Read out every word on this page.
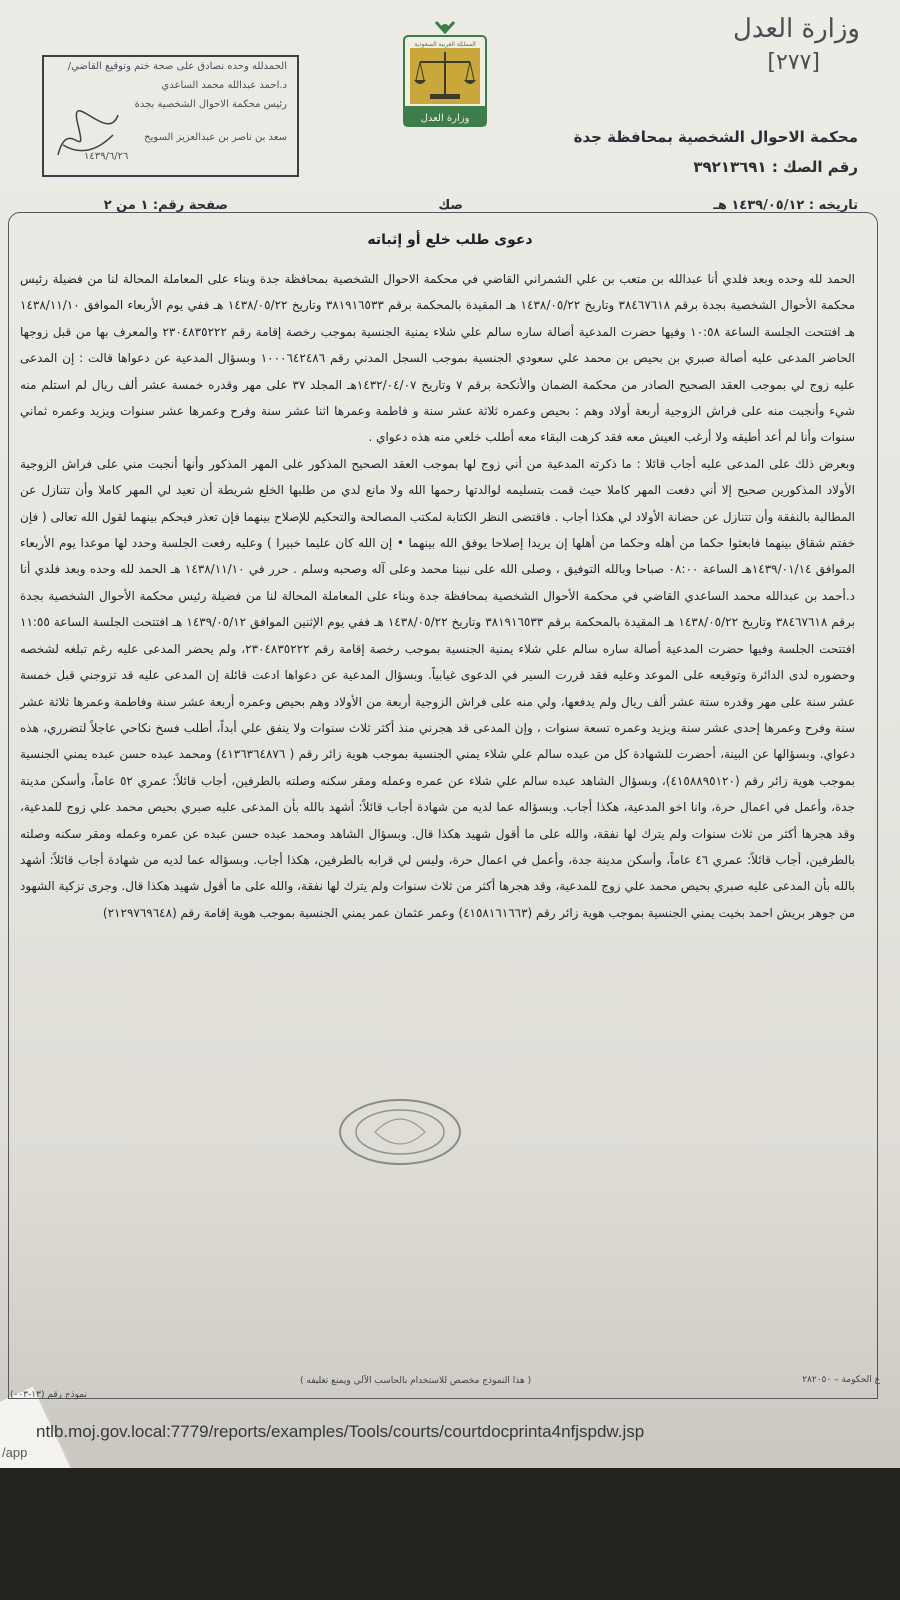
وزارة العدل
[٢٧٧]
المملكة العربية السعودية
وزارة العدل
الحمدلله وحده نصادق على صحة ختم وتوقيع القاضي/
د.احمد عبدالله محمد الساعدي
رئيس محكمة الاحوال الشخصية بجدة
سعد بن ناصر بن عبدالعزيز السويح
١٤٣٩/٦/٢٦
محكمة الاحوال الشخصية بمحافظة جدة
رقم الصك : ٣٩٢١٣٦٩١
تاريخه : ١٤٣٩/٠٥/١٢ هـ
صك
صفحة رقم: ١ من ٢
دعوى طلب خلع أو إثباته

الحمد لله وحده وبعد فلدي أنا عبدالله بن متعب بن علي الشمراني القاضي في محكمة الاحوال الشخصية بمحافظة جدة وبناء على المعاملة المحالة لنا من فضيلة رئيس محكمة الأحوال الشخصية بجدة برقم ٣٨٤٦٧٦١٨ وتاريخ ١٤٣٨/٠٥/٢٢ هـ المقيدة بالمحكمة برقم ٣٨١٩١٦٥٣٣ وتاريخ ١٤٣٨/٠٥/٢٢ هـ ففي يوم الأربعاء الموافق ١٤٣٨/١١/١٠ هـ افتتحت الجلسة الساعة ١٠:٥٨ وفيها حضرت المدعية أصالة ساره سالم علي شلاء يمنية الجنسية بموجب رخصة إقامة رقم ٢٣٠٤٨٣٥٢٢٢ والمعرف بها من قبل زوجها الحاضر المدعى عليه أصالة صبري بن بحيص بن محمد علي سعودي الجنسية بموجب السجل المدني رقم ١٠٠٠٦٤٢٤٨٦ وبسؤال المدعية عن دعواها قالت : إن المدعى عليه زوج لي بموجب العقد الصحيح الصادر من محكمة الضمان والأنكحة برقم ٧ وتاريخ ١٤٣٢/٠٤/٠٧هـ المجلد ٣٧ على مهر وقدره خمسة عشر ألف ريال لم استلم منه شيء وأنجبت منه على فراش الزوجية أربعة أولاد وهم : بحيص وعمره ثلاثة عشر سنة و فاطمة وعمرها اثنا عشر سنة وفرح وعمرها عشر سنوات ويزيد وعمره ثماني سنوات وأنا لم أعد أطيقه ولا أرغب العيش معه فقد كرهت البقاء معه أطلب خلعي منه هذه دعواي .

وبعرض ذلك على المدعى عليه أجاب قائلا : ما ذكرته المدعية من أني زوج لها بموجب العقد الصحيح المذكور على المهر المذكور وأنها أنجبت مني على فراش الزوجية الأولاد المذكورين صحيح إلا أني دفعت المهر كاملا حيث قمت بتسليمه لوالدتها رحمها الله ولا مانع لدي من طلبها الخلع شريطة أن تعيد لي المهر كاملا وأن تتنازل عن المطالبة بالنفقة وأن تتنازل عن حضانة الأولاد لي هكذا أجاب . فاقتضى النظر الكتابة لمكتب المصالحة والتحكيم للإصلاح بينهما فإن تعذر فيحكم بينهما لقول الله تعالى ( فإن خفتم شقاق بينهما فابعثوا حكما من أهله وحكما من أهلها إن يريدا إصلاحا يوفق الله بينهما • إن الله كان عليما خبيرا ) وعليه رفعت الجلسة وحدد لها موعدا يوم الأربعاء الموافق ١٤٣٩/٠١/١٤هـ الساعة ٠٨:٠٠ صباحا وبالله التوفيق ، وصلى الله على نبينا محمد وعلى آله وصحبه وسلم . حرر في ١٤٣٨/١١/١٠ هـ الحمد لله وحده وبعد فلدي أنا د.أحمد بن عبدالله محمد الساعدي القاضي في محكمة الأحوال الشخصية بمحافظة جدة وبناء على المعاملة المحالة لنا من فضيلة رئيس محكمة الأحوال الشخصية بجدة برقم ٣٨٤٦٧٦١٨ وتاريخ ١٤٣٨/٠٥/٢٢ هـ المقيدة بالمحكمة برقم ٣٨١٩١٦٥٣٣ وتاريخ ١٤٣٨/٠٥/٢٢ هـ ففي يوم الإثنين الموافق ١٤٣٩/٠٥/١٢ هـ افتتحت الجلسة الساعة ١١:٥٥ افتتحت الجلسة وفيها حضرت المدعية أصالة ساره سالم علي شلاء يمنية الجنسية بموجب رخصة إقامة رقم ٢٣٠٤٨٣٥٢٢٢، ولم يحضر المدعى عليه رغم تبلغه لشخصه وحضوره لدى الدائرة وتوقيعه على الموعد وعليه فقد قررت السير في الدعوى غيابياً. وبسؤال المدعية عن دعواها ادعت قائلة إن المدعى عليه قد تزوجني قبل خمسة عشر سنة على مهر وقدره ستة عشر ألف ريال ولم يدفعها، ولي منه على فراش الزوجية أربعة من الأولاد وهم بحيص وعمره أربعة عشر سنة وفاطمة وعمرها ثلاثة عشر سنة وفرح وعمرها إحدى عشر سنة ويزيد وعمره تسعة سنوات ، وإن المدعى قد هجرني منذ أكثر ثلاث سنوات ولا ينفق علي أبداً، أطلب فسخ نكاحي عاجلاً لتضرري، هذه دعواي. وبسؤالها عن البينة، أحضرت للشهادة كل من عبده سالم علي شلاء يمني الجنسية بموجب هوية زائر رقم ( ٤١٣٦٣٦٤٨٧٦) ومحمد عبده حسن عبده يمني الجنسية بموجب هوية زائر رقم (٤١٥٨٨٩٥١٢٠)، وبسؤال الشاهد عبده سالم علي شلاء عن عمره وعمله ومقر سكنه وصلته بالطرفين، أجاب قائلاً: عمري ٥٢ عاماً، وأسكن مدينة جدة، وأعمل في اعمال حرة، وانا اخو المدعية، هكذا أجاب. وبسؤاله عما لديه من شهادة أجاب قائلاً: أشهد بالله بأن المدعى عليه صبري بحيص محمد علي زوج للمدعية، وقد هجرها أكثر من ثلاث سنوات ولم يترك لها نفقة، والله على ما أقول شهيد هكذا قال. وبسؤال الشاهد ومحمد عبده حسن عبده عن عمره وعمله ومقر سكنه وصلته بالطرفين، أجاب قائلاً: عمري ٤٦ عاماً، وأسكن مدينة جدة، وأعمل في اعمال حرة، وليس لي قرابه بالطرفين، هكذا أجاب. وبسؤاله عما لديه من شهادة أجاب قائلاً: أشهد بالله بأن المدعى عليه صبري بحيص محمد علي زوج للمدعية، وقد هجرها أكثر من ثلاث سنوات ولم يترك لها نفقة، والله على ما أقول شهيد هكذا قال. وجرى تزكية الشهود من جوهر بريش احمد بخيت يمني الجنسية بموجب هوية زائر رقم (٤١٥٨١٦١٦٦٣) وعمر عثمان عمر يمني الجنسية بموجب هوية إقامة رقم (٢١٢٩٧٦٩٦٤٨)

( هذا النموذج مخصص للاستخدام بالحاسب الآلي ويمنع تغليفه )	ع الحكومة – ٢٨٢٠٥٠
نموذج رقم (١٣-٠٠٣)
ntlb.moj.gov.local:7779/reports/examples/Tools/courts/courtdocprinta4nfjspdw.jsp
/app
